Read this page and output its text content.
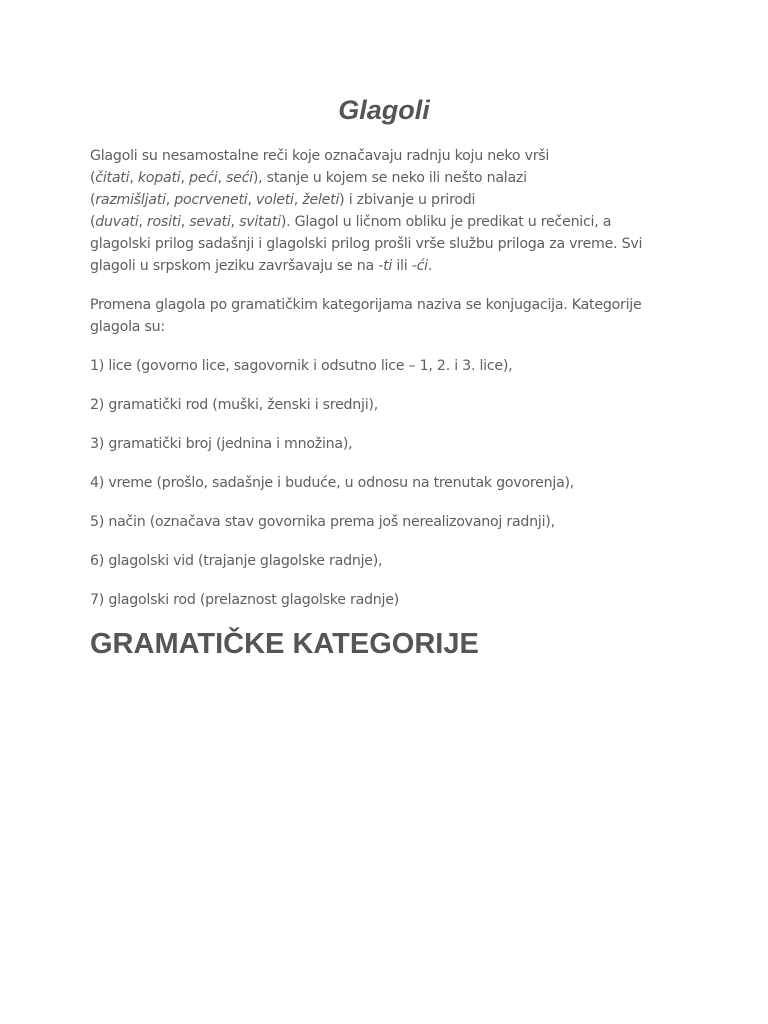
Glagoli

Glagoli su nesamostalne reči koje označavaju radnju koju neko vrši
(čitati, kopati, peći, seći), stanje u kojem se neko ili nešto nalazi
(razmišljati, pocrveneti, voleti, želeti) i zbivanje u prirodi
(duvati, rositi, sevati, svitati). Glagol u ličnom obliku je predikat u rečenici, a
glagolski prilog sadašnji i glagolski prilog prošli vrše službu priloga za vreme. Svi
glagoli u srpskom jeziku završavaju se na -ti ili -ći.

Promena glagola po gramatičkim kategorijama naziva se konjugacija. Kategorije
glagola su:

1) lice (govorno lice, sagovornik i odsutno lice – 1, 2. i 3. lice),

2) gramatički rod (muški, ženski i srednji),

3) gramatički broj (jednina i množina),

4) vreme (prošlo, sadašnje i buduće, u odnosu na trenutak govorenja),

5) način (označava stav govornika prema još nerealizovanoj radnji),

6) glagolski vid (trajanje glagolske radnje),

7) glagolski rod (prelaznost glagolske radnje)

GRAMATIČKE KATEGORIJE
